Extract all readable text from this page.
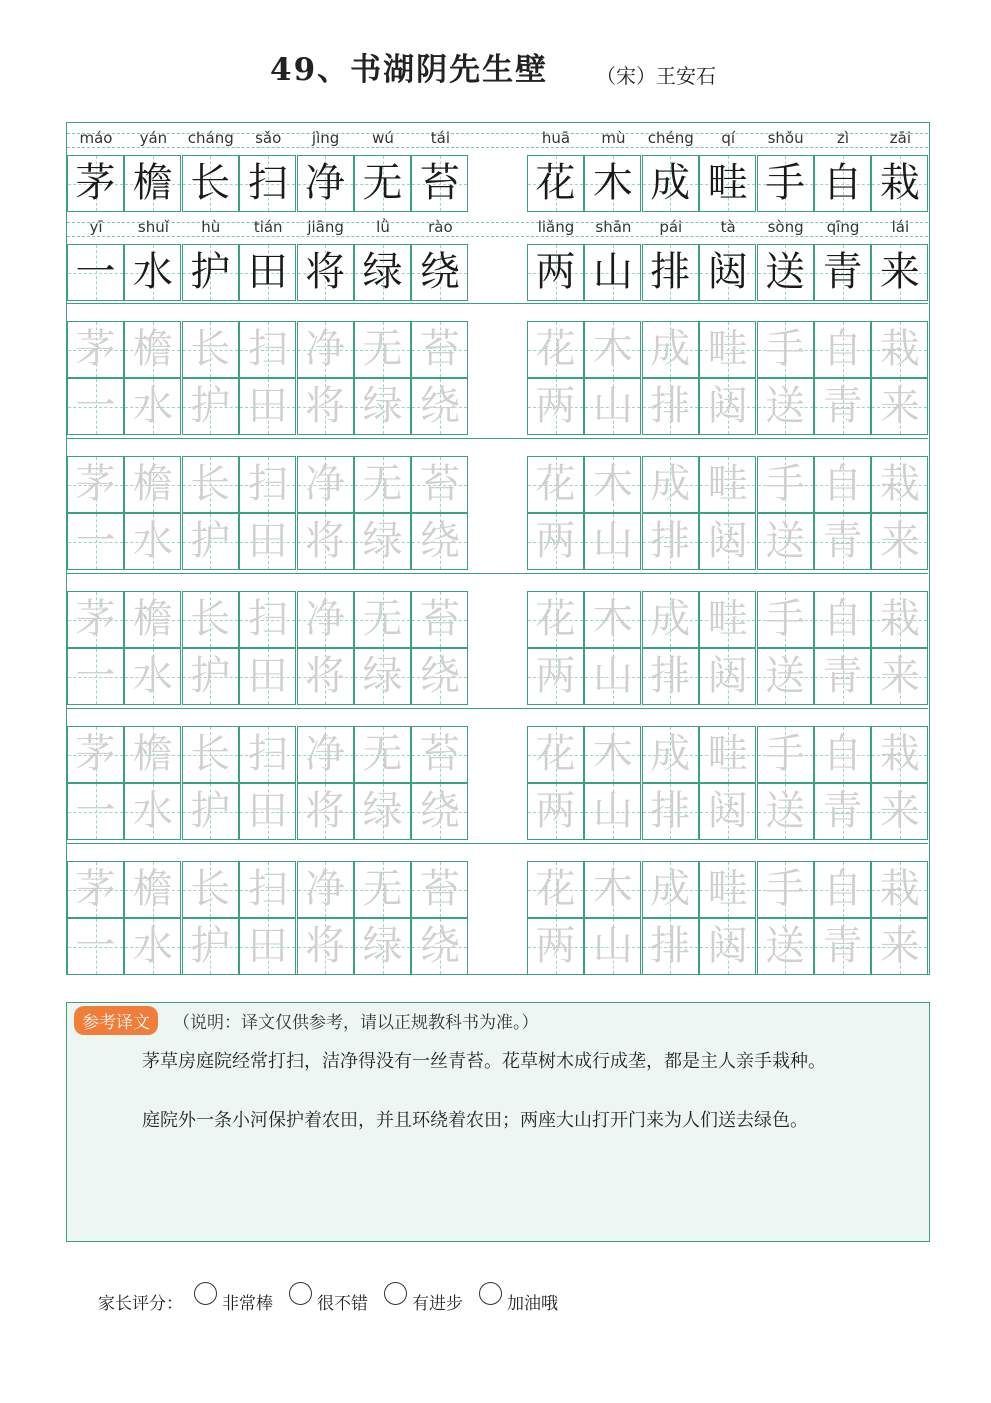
49、书湖阴先生壁 （宋）王安石
máo	yán	cháng	sǎo	jìng	wú	tái	huā	mù	chéng	qí	shǒu	zì	zāi
茅 檐 长 扫 净 无 苔 花 木 成 畦 手 自 栽
yī	shuǐ	hù	tián	jiāng	lǜ	rào	liǎng	shān	pái	tà	sòng	qīng	lái
一 水 护 田 将 绿 绕 两 山 排 闼 送 青 来
茅 檐 长 扫 净 无 苔 花 木 成 畦 手 自 栽
一 水 护 田 将 绿 绕 两 山 排 闼 送 青 来
茅 檐 长 扫 净 无 苔 花 木 成 畦 手 自 栽
一 水 护 田 将 绿 绕 两 山 排 闼 送 青 来
茅 檐 长 扫 净 无 苔 花 木 成 畦 手 自 栽
一 水 护 田 将 绿 绕 两 山 排 闼 送 青 来
茅 檐 长 扫 净 无 苔 花 木 成 畦 手 自 栽
一 水 护 田 将 绿 绕 两 山 排 闼 送 青 来
茅 檐 长 扫 净 无 苔 花 木 成 畦 手 自 栽
一 水 护 田 将 绿 绕 两 山 排 闼 送 青 来
参考译文	（说明：译文仅供参考，请以正规教科书为准。）
茅草房庭院经常打扫，洁净得没有一丝青苔。花草树木成行成垄，都是主人亲手栽种。
庭院外一条小河保护着农田，并且环绕着农田；两座大山打开门来为人们送去绿色。
家长评分： 非常棒	很不错	有进步	加油哦
